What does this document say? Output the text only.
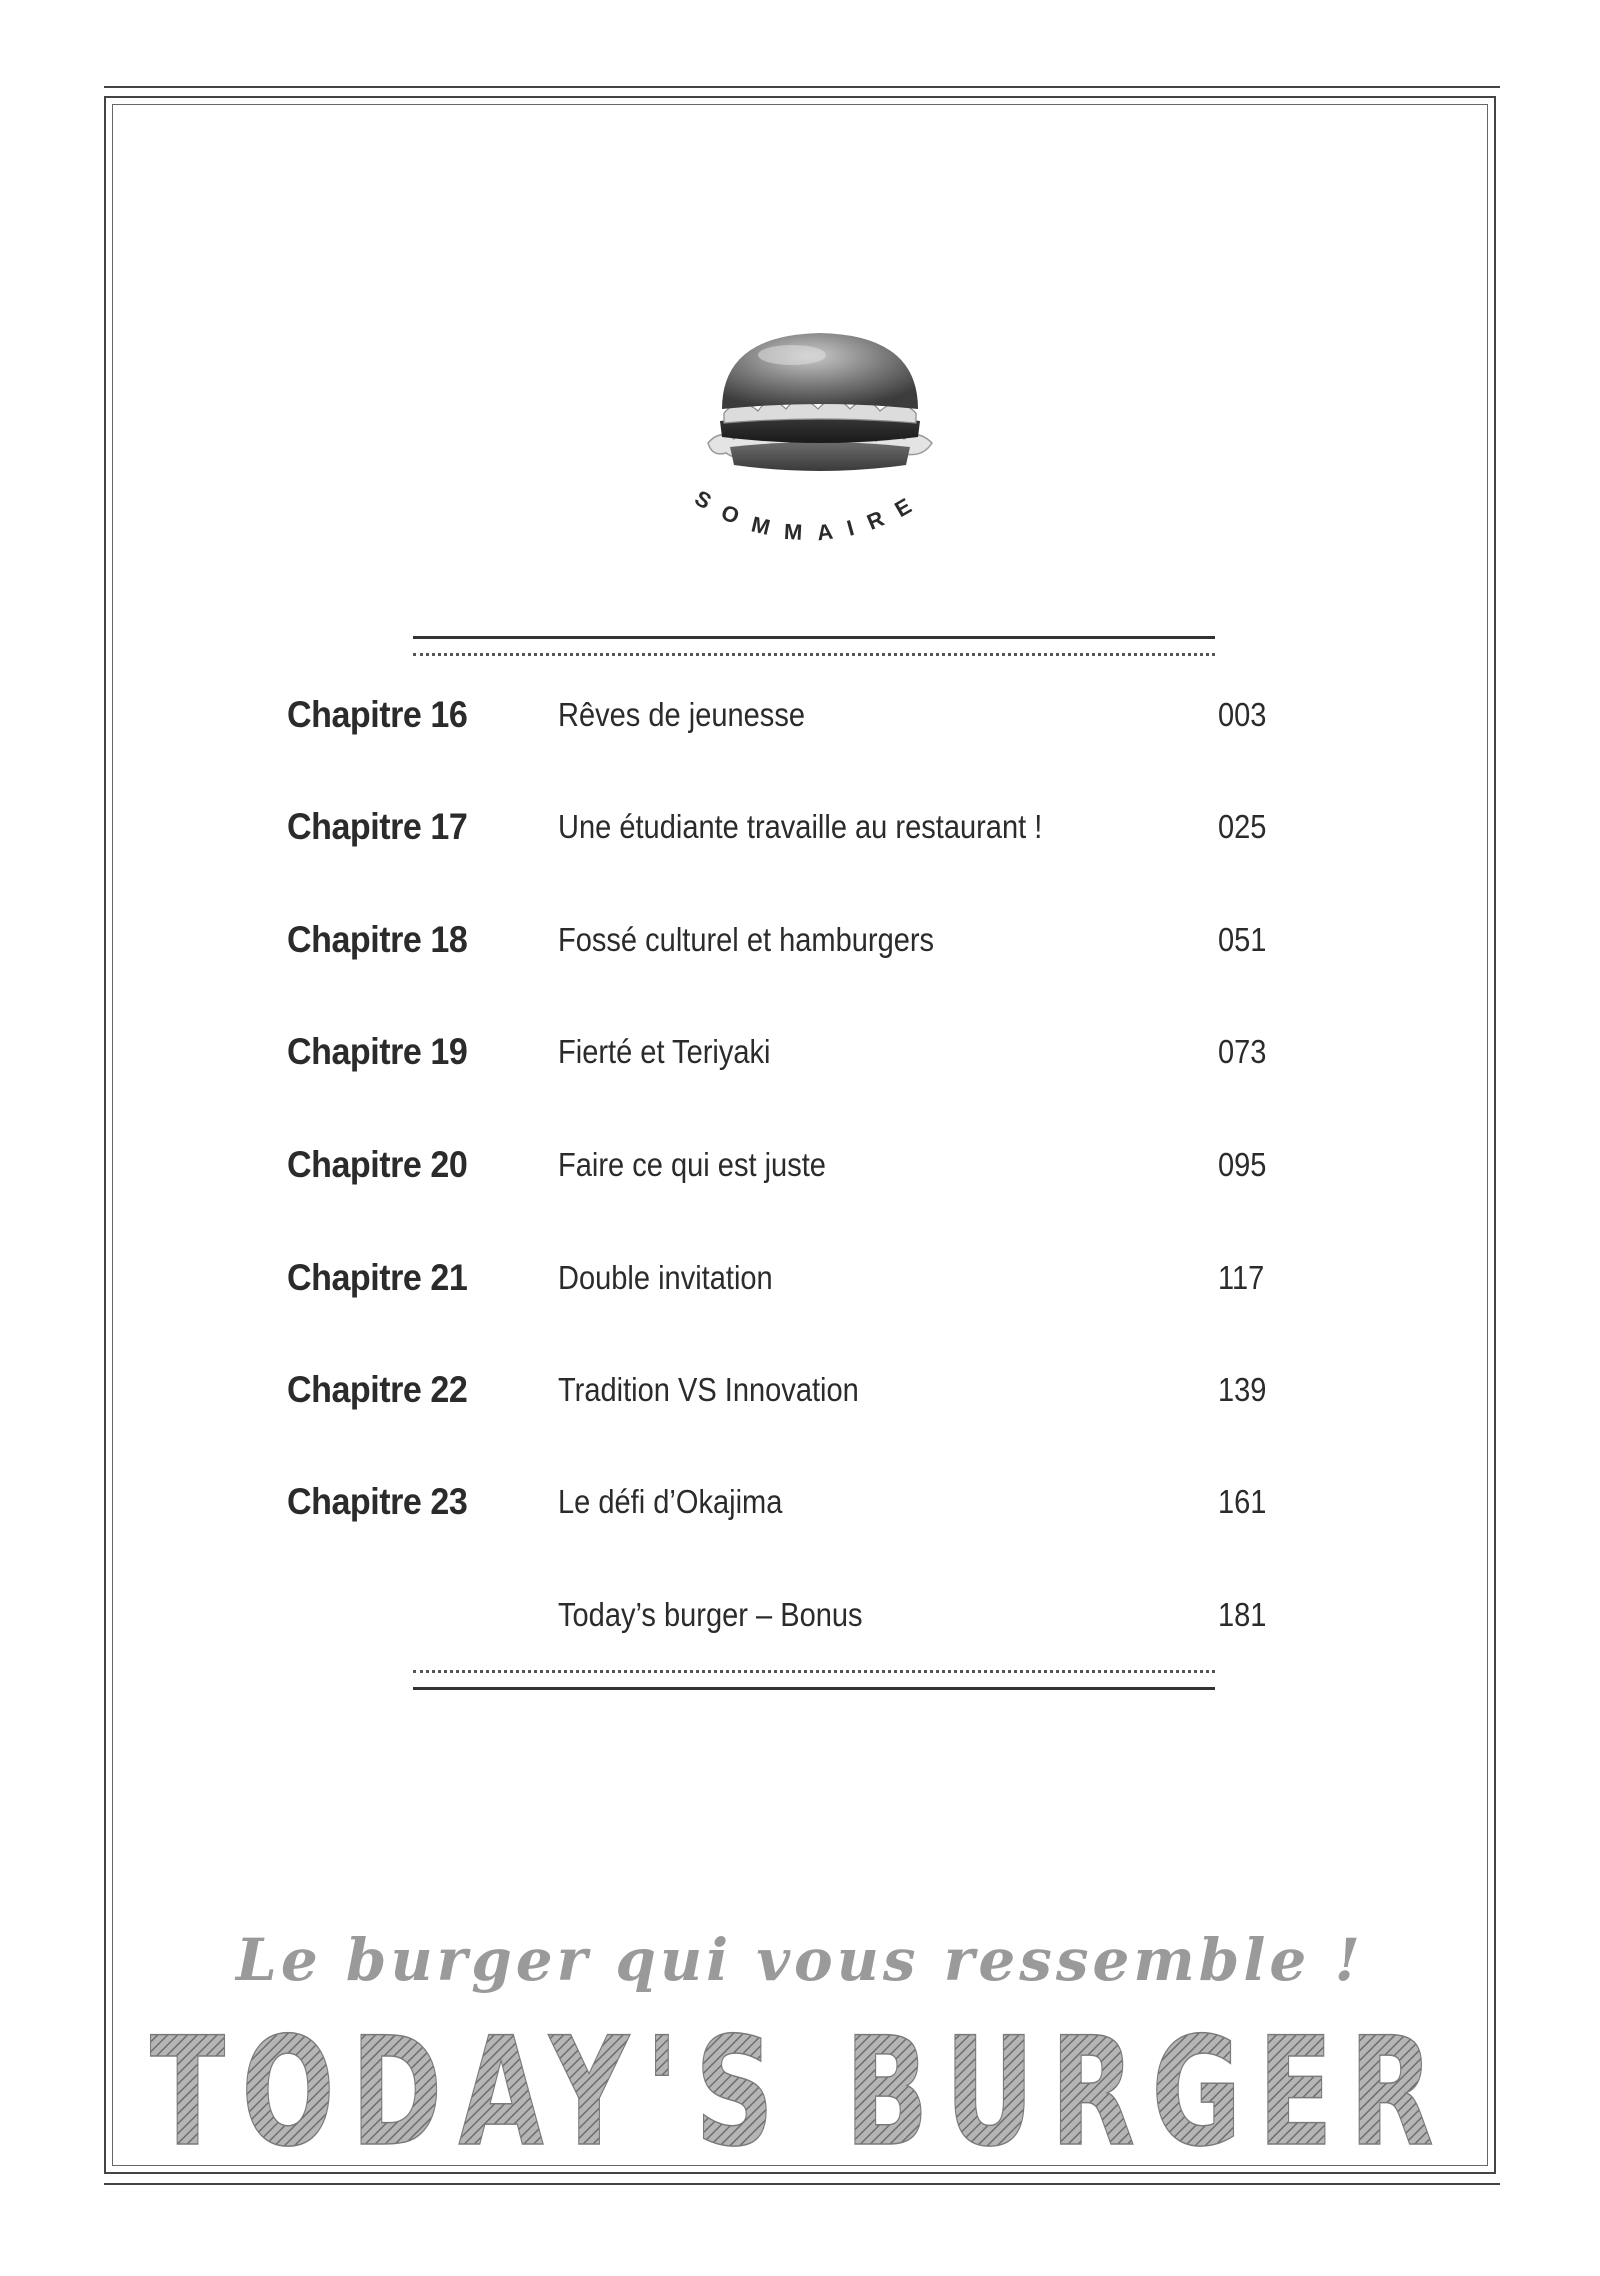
SOMMAIRE
Chapitre 16	Rêves de jeunesse	003
Chapitre 17	Une étudiante travaille au restaurant !	025
Chapitre 18	Fossé culturel et hamburgers	051
Chapitre 19	Fierté et Teriyaki	073
Chapitre 20	Faire ce qui est juste	095
Chapitre 21	Double invitation	117
Chapitre 22	Tradition VS Innovation	139
Chapitre 23	Le défi d’Okajima	161
Today’s burger – Bonus	181
Le burger qui vous ressemble !
TODAY'S BURGER
